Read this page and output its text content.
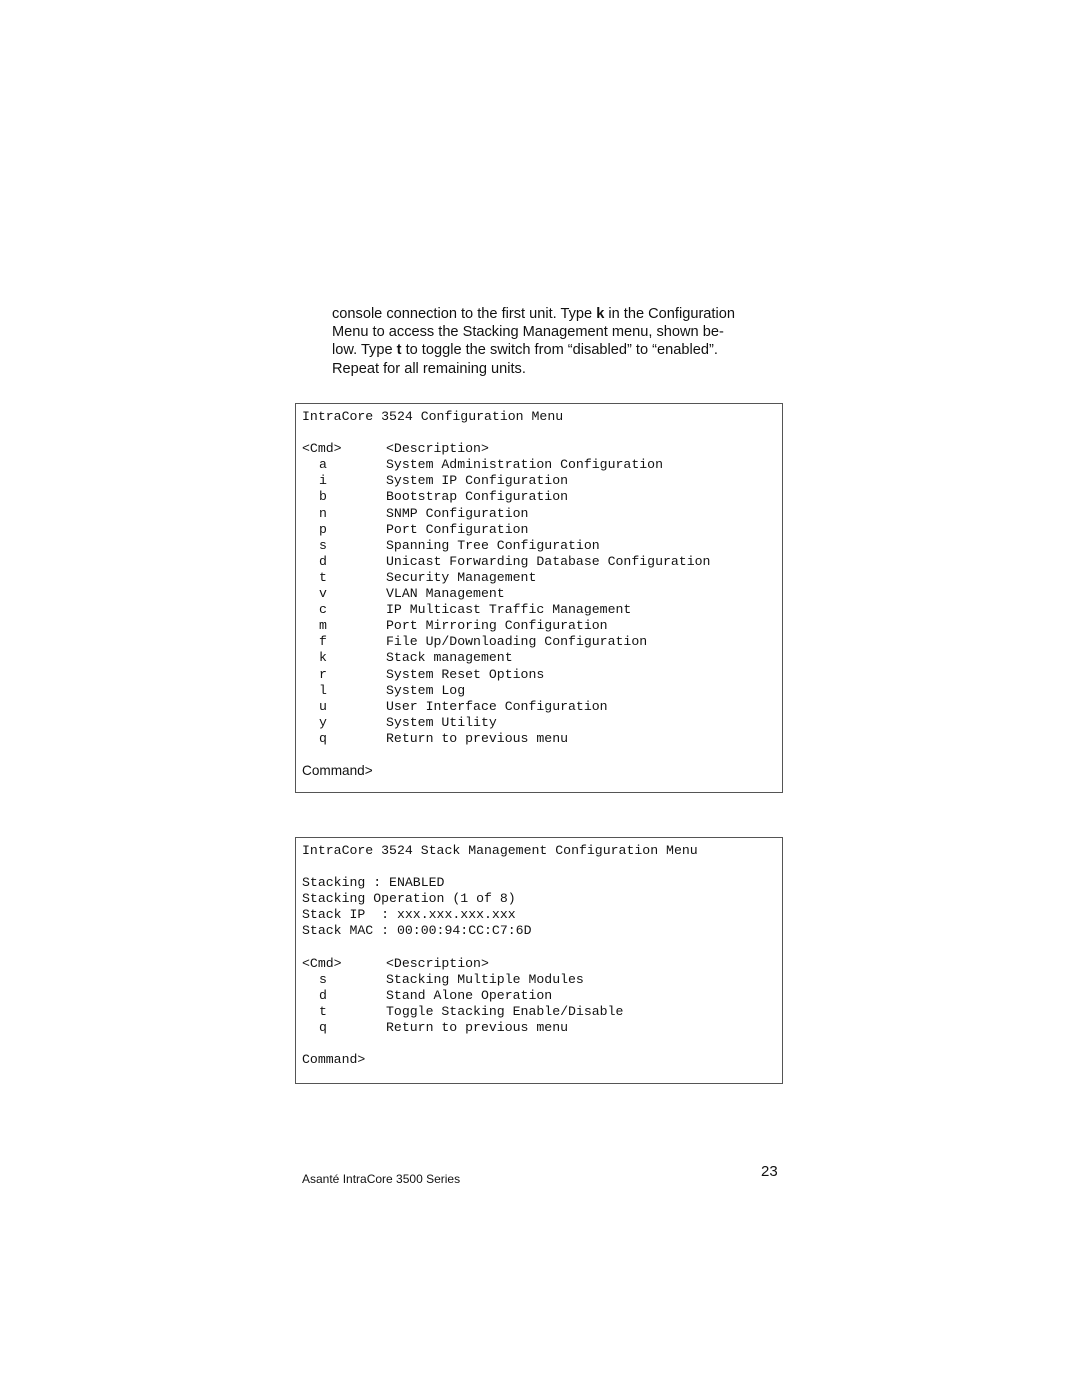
console connection to the first unit. Type k in the Configuration
Menu to access the Stacking Management menu, shown be-
low. Type t to toggle the switch from “disabled” to “enabled”.
Repeat for all remaining units.
IntraCore 3524 Configuration Menu
<Cmd>	<Description>
a	System Administration Configuration
i	System IP Configuration
b	Bootstrap Configuration
n	SNMP Configuration
p	Port Configuration
s	Spanning Tree Configuration
d	Unicast Forwarding Database Configuration
t	Security Management
v	VLAN Management
c	IP Multicast Traffic Management
m	Port Mirroring Configuration
f	File Up/Downloading Configuration
k	Stack management
r	System Reset Options
l	System Log
u	User Interface Configuration
y	System Utility
q	Return to previous menu
Command>
IntraCore 3524 Stack Management Configuration Menu
Stacking : ENABLED
Stacking Operation (1 of 8)
Stack IP  : xxx.xxx.xxx.xxx
Stack MAC : 00:00:94:CC:C7:6D
<Cmd>	<Description>
s	Stacking Multiple Modules
d	Stand Alone Operation
t	Toggle Stacking Enable/Disable
q	Return to previous menu
Command>
Asanté IntraCore 3500 Series	23
